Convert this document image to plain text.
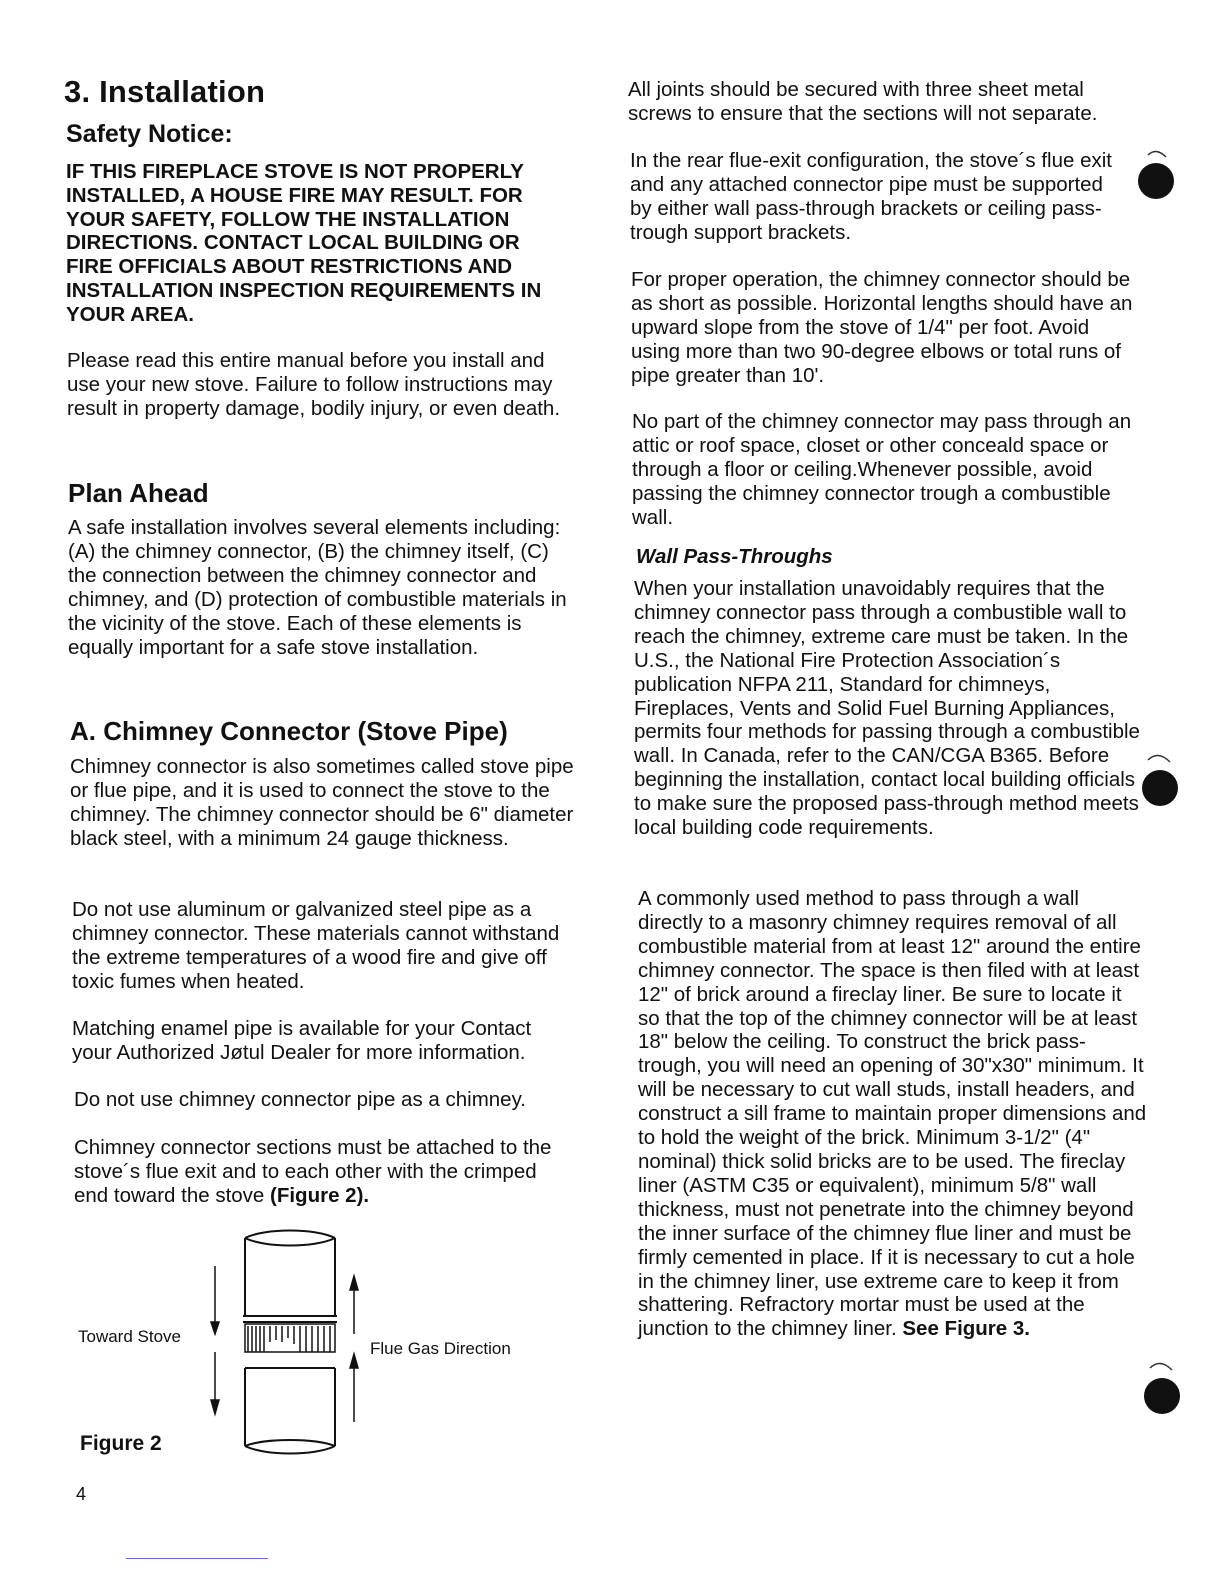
3. Installation
Safety Notice:

IF THIS FIREPLACE STOVE IS NOT PROPERLY INSTALLED, A HOUSE FIRE MAY RESULT. FOR YOUR SAFETY, FOLLOW THE INSTALLATION DIRECTIONS. CONTACT LOCAL BUILDING OR FIRE OFFICIALS ABOUT RESTRICTIONS AND INSTALLATION INSPECTION REQUIREMENTS IN YOUR AREA.

Please read this entire manual before you install and use your new stove. Failure to follow instructions may result in property damage, bodily injury, or even death.

Plan Ahead

A safe installation involves several elements including: (A) the chimney connector, (B) the chimney itself, (C) the connection between the chimney connector and chimney, and (D) protection of combustible materials in the vicinity of the stove. Each of these elements is equally important for a safe stove installation.

A. Chimney Connector (Stove Pipe)

Chimney connector is also sometimes called stove pipe or flue pipe, and it is used to connect the stove to the chimney. The chimney connector should be 6" diameter black steel, with a minimum 24 gauge thickness.

Do not use aluminum or galvanized steel pipe as a chimney connector. These materials cannot withstand the extreme temperatures of a wood fire and give off toxic fumes when heated.

Matching enamel pipe is available for your Contact your Authorized Jøtul Dealer for more information.

Do not use chimney connector pipe as a chimney.

Chimney connector sections must be attached to the stove´s flue exit and to each other with the crimped end toward the stove (Figure 2).

Toward Stove
Flue Gas Direction
Figure 2
4

All joints should be secured with three sheet metal screws to ensure that the sections will not separate.

In the rear flue-exit configuration, the stove´s flue exit and any attached connector pipe must be supported by either wall pass-through brackets or ceiling pass-trough support brackets.

For proper operation, the chimney connector should be as short as possible. Horizontal lengths should have an upward slope from the stove of 1/4" per foot. Avoid using more than two 90-degree elbows or total runs of pipe greater than 10'.

No part of the chimney connector may pass through an attic or roof space, closet or other conceald space or through a floor or ceiling.Whenever possible, avoid passing the chimney connector trough a combustible wall.

Wall Pass-Throughs

When your installation unavoidably requires that the chimney connector pass through a combustible wall to reach the chimney, extreme care must be taken. In the U.S., the National Fire Protection Association´s publication NFPA 211, Standard for chimneys, Fireplaces, Vents and Solid Fuel Burning Appliances, permits four methods for passing through a combustible wall. In Canada, refer to the CAN/CGA B365. Before beginning the installation, contact local building officials to make sure the proposed pass-through method meets local building code requirements.

A commonly used method to pass through a wall directly to a masonry chimney requires removal of all combustible material from at least 12" around the entire chimney connector. The space is then filed with at least 12" of brick around a fireclay liner. Be sure to locate it so that the top of the chimney connector will be at least 18" below the ceiling. To construct the brick pass-trough, you will need an opening of 30"x30" minimum. It will be necessary to cut wall studs, install headers, and construct a sill frame to maintain proper dimensions and to hold the weight of the brick. Minimum 3-1/2" (4" nominal) thick solid bricks are to be used. The fireclay liner (ASTM C35 or equivalent), minimum 5/8" wall thickness, must not penetrate into the chimney beyond the inner surface of the chimney flue liner and must be firmly cemented in place. If it is necessary to cut a hole in the chimney liner, use extreme care to keep it from shattering. Refractory mortar must be used at the junction to the chimney liner. See Figure 3.
